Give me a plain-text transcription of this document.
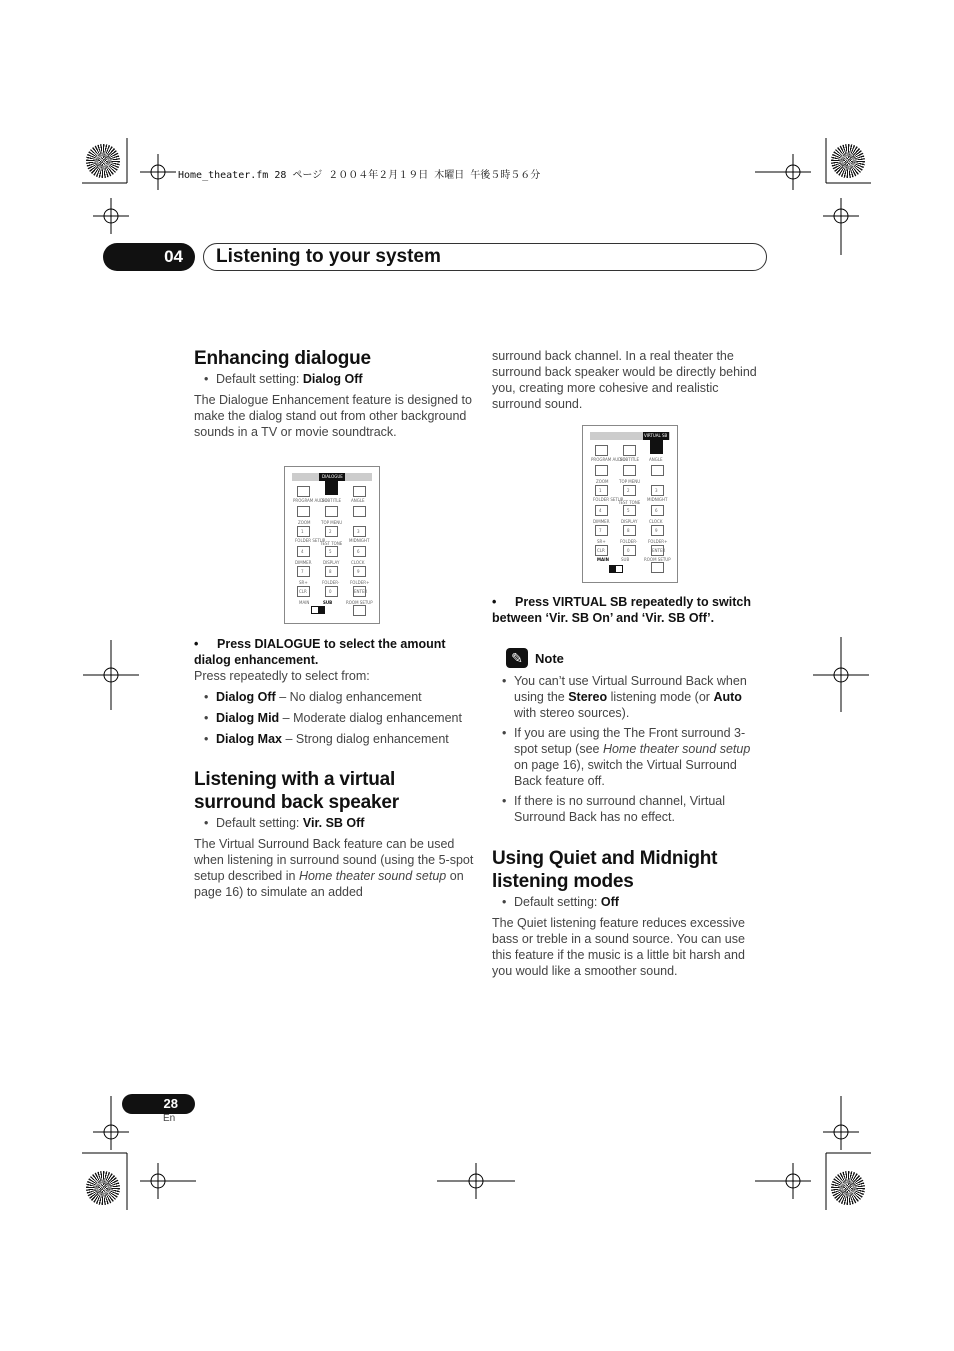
Home_theater.fm 28 ページ ２００４年２月１９日 木曜日 午後５時５６分
04	Listening to your system
Enhancing dialogue
• Default setting: Dialog Off
The Dialogue Enhancement feature is designed to make the dialog stand out from other background sounds in a TV or movie soundtrack.
DIALOGUE
PROGRAM AUDIO
SUBTITLE ANGLE
ZOOM	TOP MENU
1	2	3
FOLDER SETUP
TEST TONE
MIDNIGHT
4	5	6
DIMMER	DISPLAY	CLOCK
7	8	9
SR+	FOLDER-	FOLDER+
CLR	0	ENTER
MAIN	SUB	ROOM SETUP
• Press DIALOGUE to select the amount dialog enhancement.
Press repeatedly to select from:
• Dialog Off – No dialog enhancement
• Dialog Mid – Moderate dialog enhancement
• Dialog Max – Strong dialog enhancement
Listening with a virtual surround back speaker
• Default setting: Vir. SB Off
The Virtual Surround Back feature can be used when listening in surround sound (using the 5-spot setup described in Home theater sound setup on page 16) to simulate an added
surround back channel. In a real theater the surround back speaker would be directly behind you, creating more cohesive and realistic surround sound.
VIRTUAL SB
PROGRAM AUDIO
SUBTITLE ANGLE
ZOOM	TOP MENU
1	2	3
FOLDER SETUP
TEST TONE
MIDNIGHT
4	5	6
DIMMER	DISPLAY	CLOCK
7	8	9
SR+	FOLDER-	FOLDER+
CLR	0	ENTER
MAIN	SUB	ROOM SETUP
• Press VIRTUAL SB repeatedly to switch between ‘Vir. SB On’ and ‘Vir. SB Off’.
✎ Note
• You can’t use Virtual Surround Back when using the Stereo listening mode (or Auto with stereo sources).
• If you are using the The Front surround 3-spot setup (see Home theater sound setup on page 16), switch the Virtual Surround Back feature off.
• If there is no surround channel, Virtual Surround Back has no effect.
Using Quiet and Midnight listening modes
• Default setting: Off
The Quiet listening feature reduces excessive bass or treble in a sound source. You can use this feature if the music is a little bit harsh and you would like a smoother sound.
28
En
